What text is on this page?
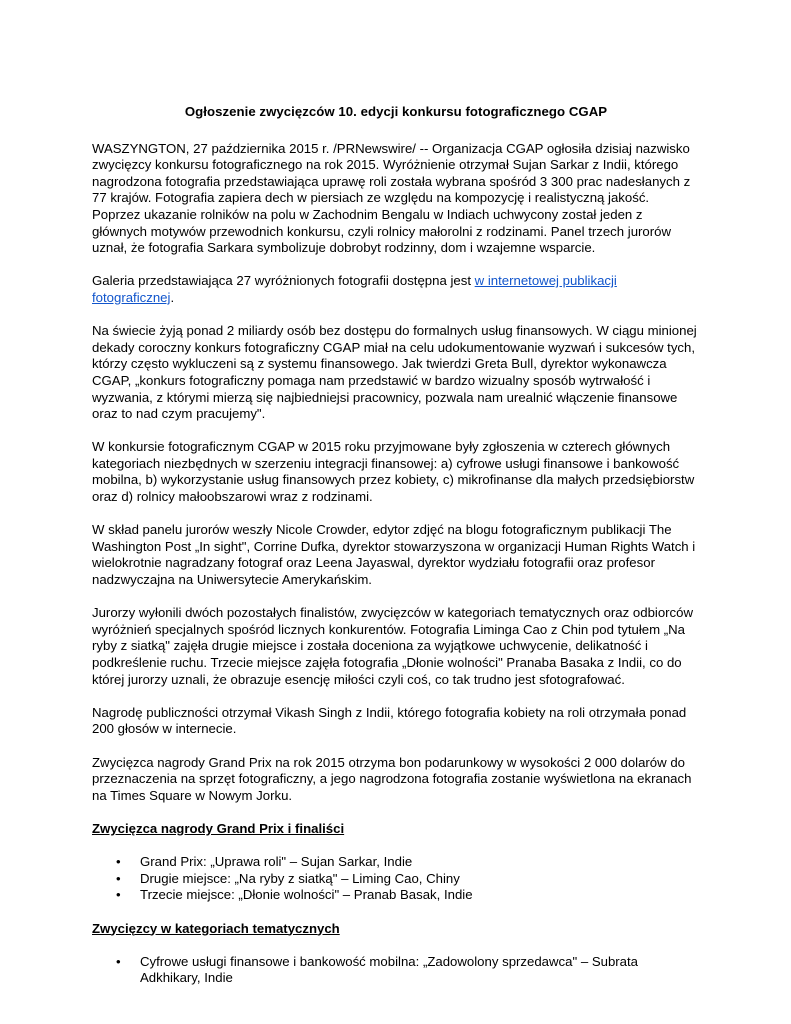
Ogłoszenie zwycięzców 10. edycji konkursu fotograficznego CGAP

WASZYNGTON, 27 października 2015 r. /PRNewswire/ -- Organizacja CGAP ogłosiła dzisiaj nazwisko zwycięzcy konkursu fotograficznego na rok 2015. Wyróżnienie otrzymał Sujan Sarkar z Indii, którego nagrodzona fotografia przedstawiająca uprawę roli została wybrana spośród 3 300 prac nadesłanych z 77 krajów. Fotografia zapiera dech w piersiach ze względu na kompozycję i realistyczną jakość. Poprzez ukazanie rolników na polu w Zachodnim Bengalu w Indiach uchwycony został jeden z głównych motywów przewodnich konkursu, czyli rolnicy małorolni z rodzinami. Panel trzech jurorów uznał, że fotografia Sarkara symbolizuje dobrobyt rodzinny, dom i wzajemne wsparcie.

Galeria przedstawiająca 27 wyróżnionych fotografii dostępna jest w internetowej publikacji fotograficznej.

Na świecie żyją ponad 2 miliardy osób bez dostępu do formalnych usług finansowych. W ciągu minionej dekady coroczny konkurs fotograficzny CGAP miał na celu udokumentowanie wyzwań i sukcesów tych, którzy często wykluczeni są z systemu finansowego. Jak twierdzi Greta Bull, dyrektor wykonawcza CGAP, „konkurs fotograficzny pomaga nam przedstawić w bardzo wizualny sposób wytrwałość i wyzwania, z którymi mierzą się najbiedniejsi pracownicy, pozwala nam urealnić włączenie finansowe oraz to nad czym pracujemy".

W konkursie fotograficznym CGAP w 2015 roku przyjmowane były zgłoszenia w czterech głównych kategoriach niezbędnych w szerzeniu integracji finansowej: a) cyfrowe usługi finansowe i bankowość mobilna, b) wykorzystanie usług finansowych przez kobiety, c) mikrofinanse dla małych przedsiębiorstw oraz d) rolnicy małoobszarowi wraz z rodzinami.

W skład panelu jurorów weszły Nicole Crowder, edytor zdjęć na blogu fotograficznym publikacji The Washington Post „In sight", Corrine Dufka, dyrektor stowarzyszona w organizacji Human Rights Watch i wielokrotnie nagradzany fotograf oraz Leena Jayaswal, dyrektor wydziału fotografii oraz profesor nadzwyczajna na Uniwersytecie Amerykańskim.

Jurorzy wyłonili dwóch pozostałych finalistów, zwycięzców w kategoriach tematycznych oraz odbiorców wyróżnień specjalnych spośród licznych konkurentów. Fotografia Liminga Cao z Chin pod tytułem „Na ryby z siatką" zajęła drugie miejsce i została doceniona za wyjątkowe uchwycenie, delikatność i podkreślenie ruchu. Trzecie miejsce zajęła fotografia „Dłonie wolności" Pranaba Basaka z Indii, co do której jurorzy uznali, że obrazuje esencję miłości czyli coś, co tak trudno jest sfotografować.

Nagrodę publiczności otrzymał Vikash Singh z Indii, którego fotografia kobiety na roli otrzymała ponad 200 głosów w internecie.

Zwycięzca nagrody Grand Prix na rok 2015 otrzyma bon podarunkowy w wysokości 2 000 dolarów do przeznaczenia na sprzęt fotograficzny, a jego nagrodzona fotografia zostanie wyświetlona na ekranach na Times Square w Nowym Jorku.

Zwycięzca nagrody Grand Prix i finaliści
• Grand Prix: „Uprawa roli" – Sujan Sarkar, Indie
• Drugie miejsce: „Na ryby z siatką" – Liming Cao, Chiny
• Trzecie miejsce: „Dłonie wolności" – Pranab Basak, Indie
Zwycięzcy w kategoriach tematycznych
• Cyfrowe usługi finansowe i bankowość mobilna: „Zadowolony sprzedawca" – Subrata Adkhikary, Indie
